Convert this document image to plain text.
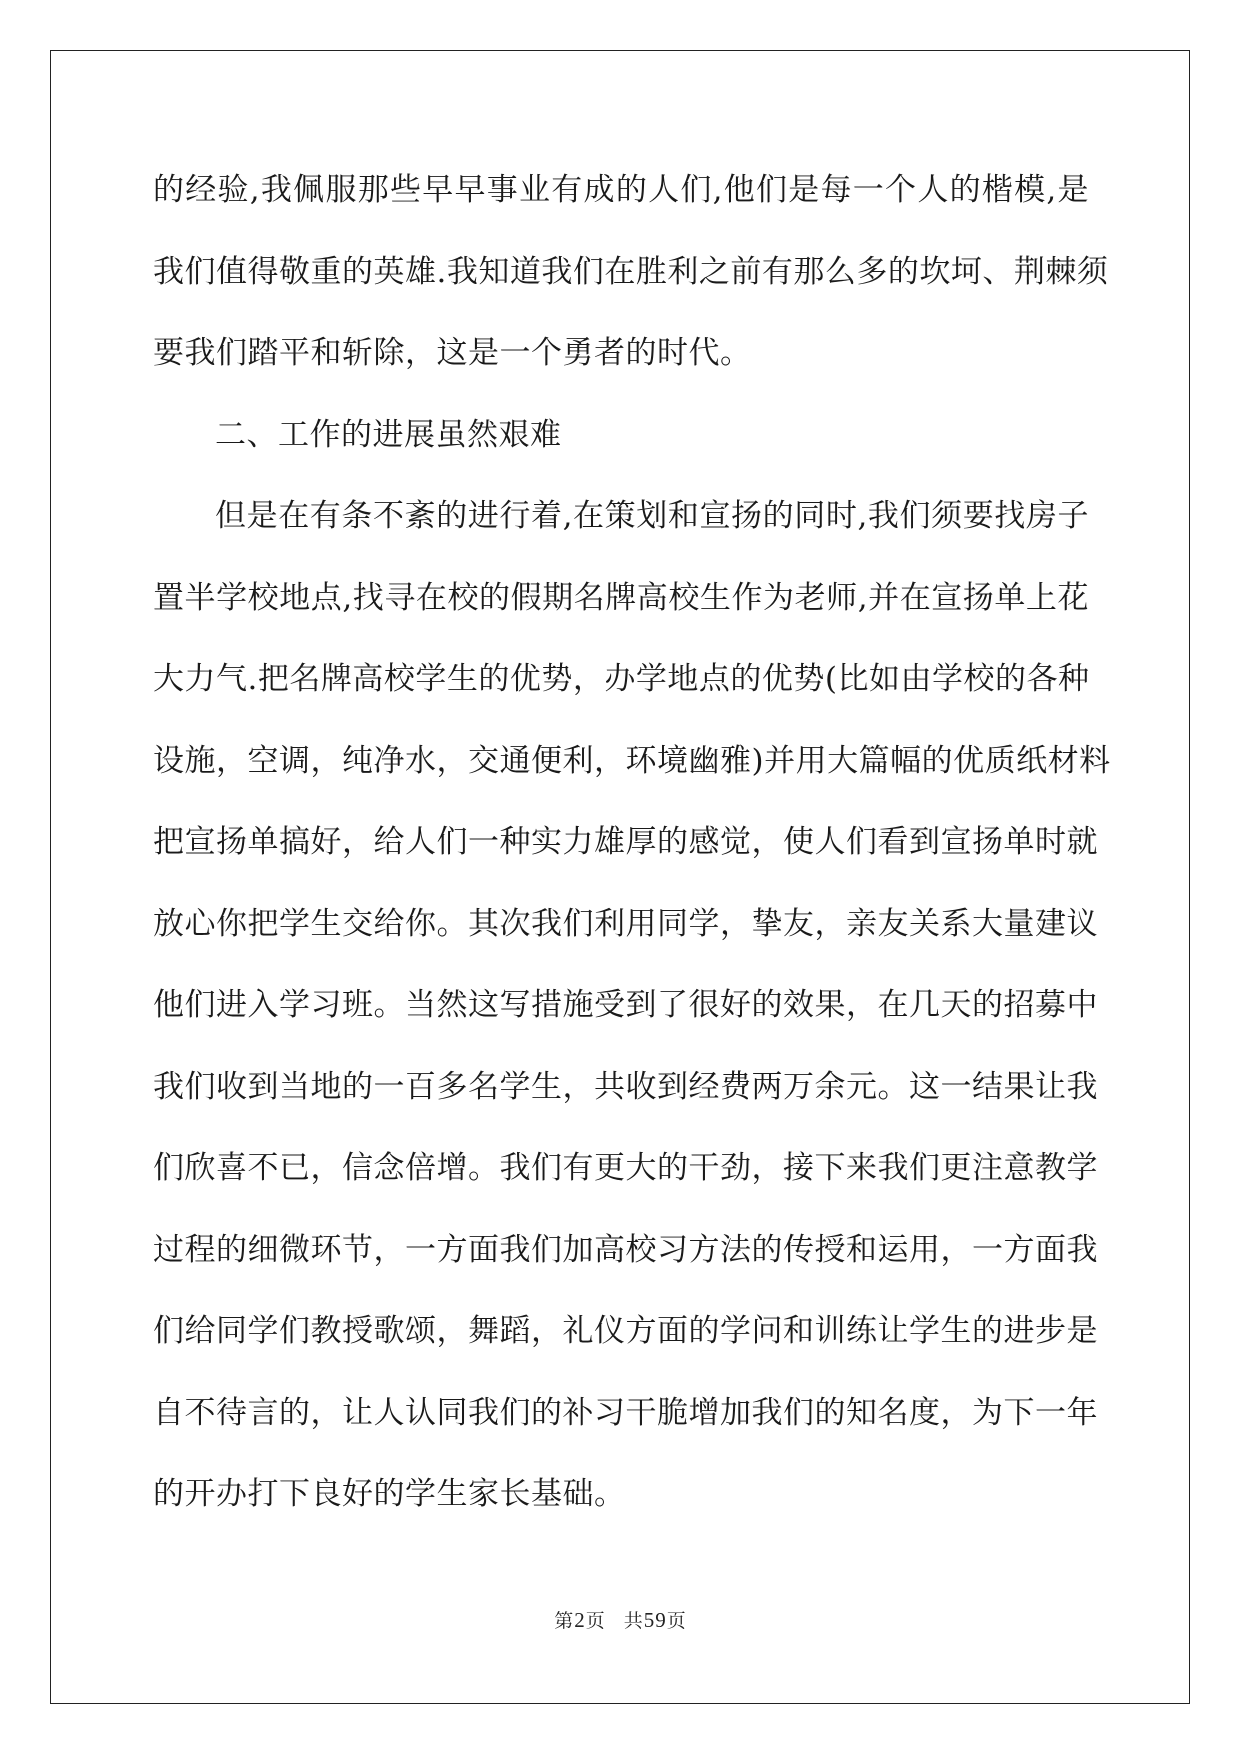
的经验,我佩服那些早早事业有成的人们,他们是每一个人的楷模,是
我们值得敬重的英雄.我知道我们在胜利之前有那么多的坎坷、荆棘须
要我们踏平和斩除，这是一个勇者的时代。
二、工作的进展虽然艰难
但是在有条不紊的进行着,在策划和宣扬的同时,我们须要找房子
置半学校地点,找寻在校的假期名牌高校生作为老师,并在宣扬单上花
大力气.把名牌高校学生的优势，办学地点的优势(比如由学校的各种
设施，空调，纯净水，交通便利，环境幽雅)并用大篇幅的优质纸材料
把宣扬单搞好，给人们一种实力雄厚的感觉，使人们看到宣扬单时就
放心你把学生交给你。其次我们利用同学，挚友，亲友关系大量建议
他们进入学习班。当然这写措施受到了很好的效果，在几天的招募中
我们收到当地的一百多名学生，共收到经费两万余元。这一结果让我
们欣喜不已，信念倍增。我们有更大的干劲，接下来我们更注意教学
过程的细微环节，一方面我们加高校习方法的传授和运用，一方面我
们给同学们教授歌颂，舞蹈，礼仪方面的学问和训练让学生的进步是
自不待言的，让人认同我们的补习干脆增加我们的知名度，为下一年
的开办打下良好的学生家长基础。
第2页 共59页
